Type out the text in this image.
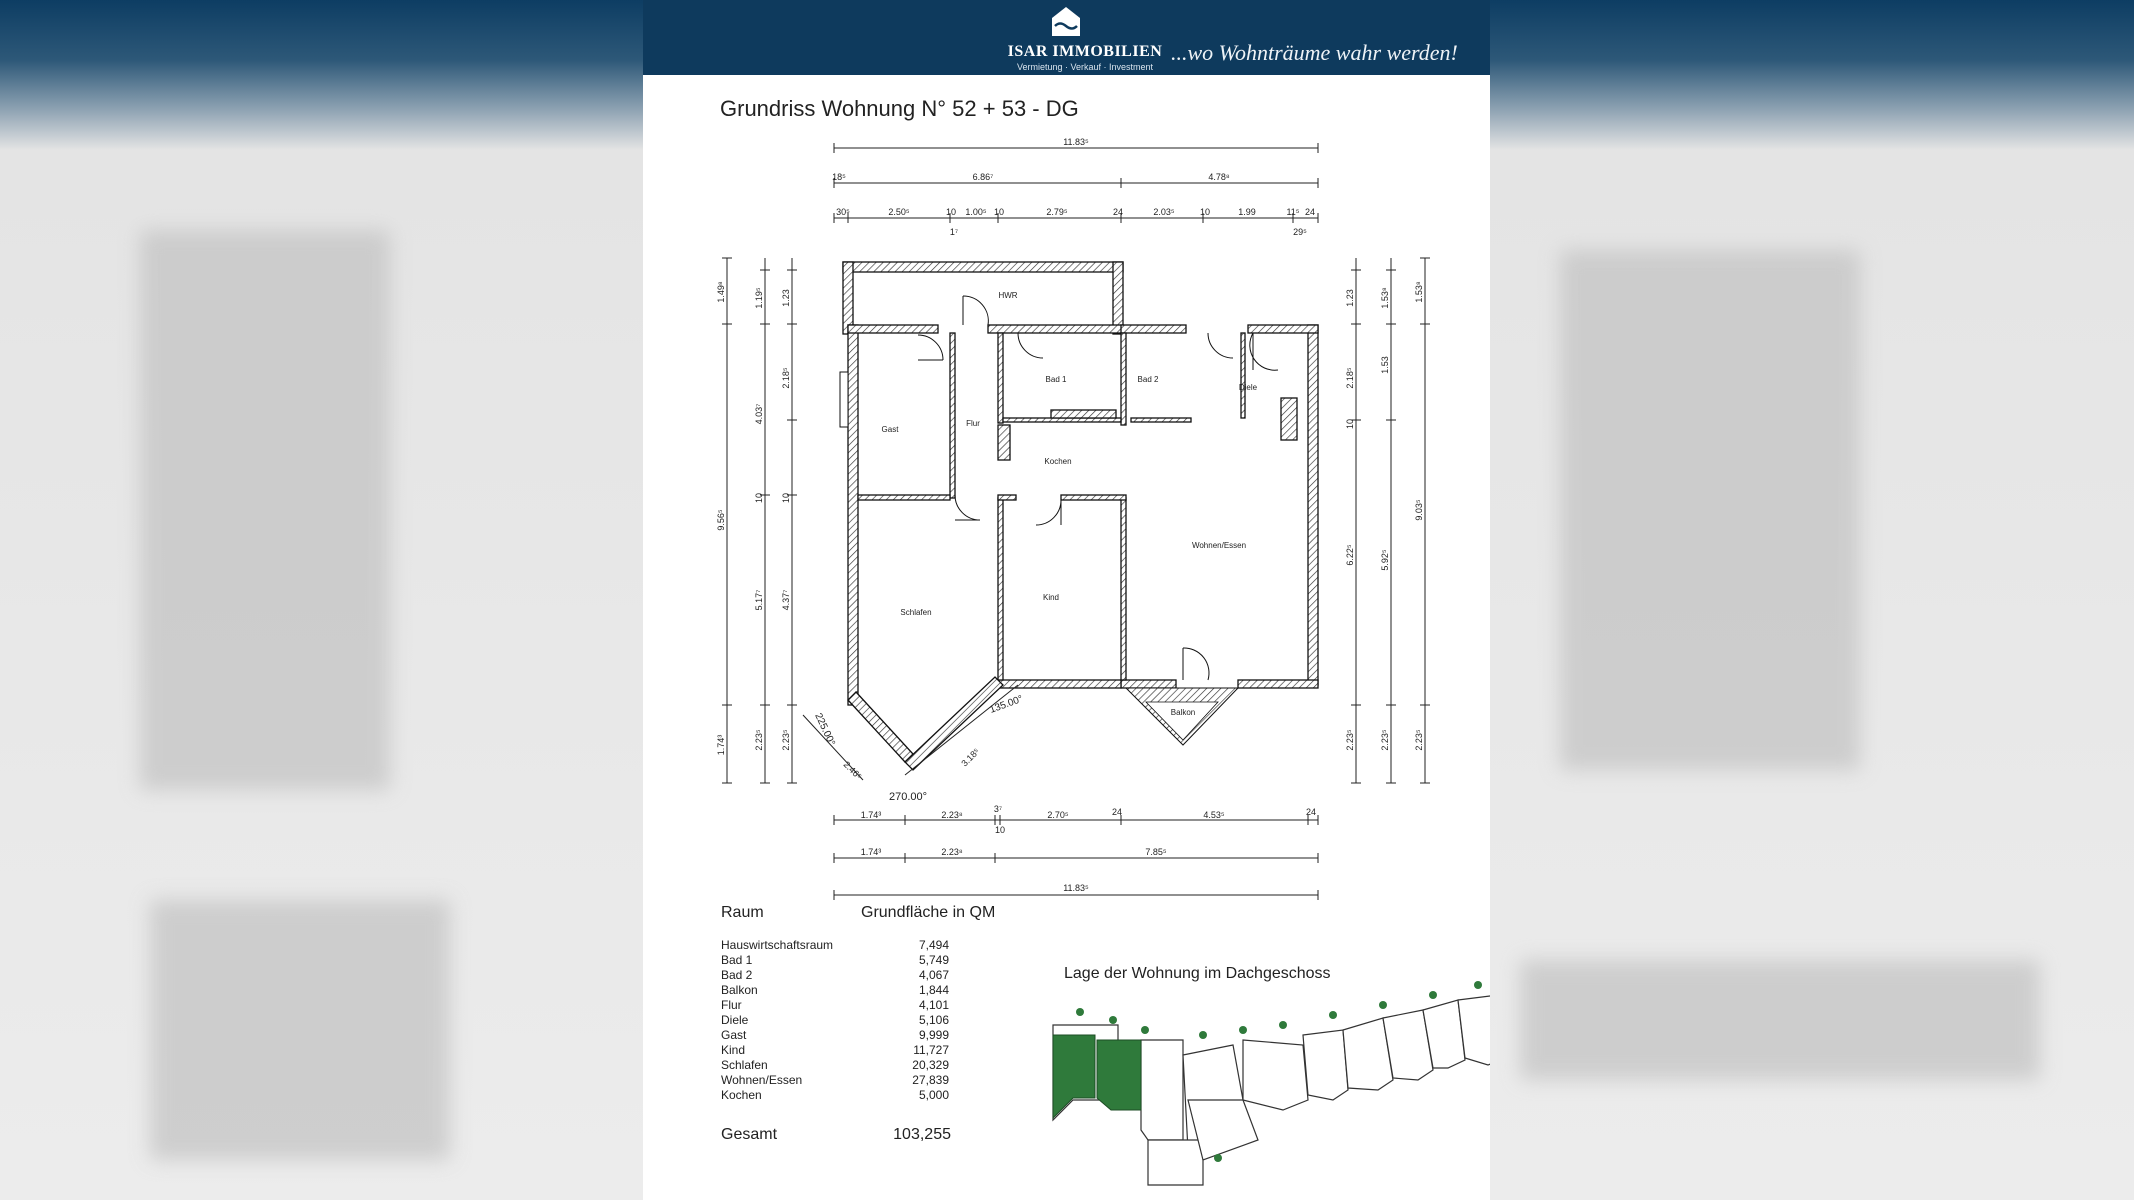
ISAR IMMOBILIEN
Vermietung · Verkauf · Investment
...wo Wohnträume wahr werden!
Grundriss Wohnung N° 52 + 53 - DG
11.83⁵
18⁵	6.86⁷	4.78⁸
30⁵	2.50⁵	10 1.00⁵ 10	2.79⁵	24	2.03⁵	10	1.99	11⁵ 24
1⁷	29⁵
1.49⁸
9.56⁵
1.74³
1.19⁵
4.03⁷
10
5.17⁷
2.23⁵
1.23
2.18⁵
10
4.37⁷
2.23⁵
1.23
2.18⁵
10
6.22⁵
2.23⁵
1.53⁸
1.53
5.92⁵
2.23⁵
1.53⁸
9.03⁵
2.23⁵
HWR
Bad 1	Bad 2
Diele
Gast
Flur
Kochen
Wohnen/Essen
Schlafen
Kind
Balkon
225.00°
135.00°
270.00°
2.46⁵
3.18⁵
1.74³	2.23⁸
3⁷
2.70⁵	24	4.53⁵	24
10
1.74³	2.23⁸	7.85⁵
11.83⁵
Raum	Grundfläche in QM
Hauswirtschaftsraum	7,494
Bad 1	5,749
Bad 2	4,067
Balkon	1,844
Flur	4,101
Diele	5,106
Gast	9,999
Kind	11,727
Schlafen	20,329
Wohnen/Essen	27,839
Kochen	5,000
Gesamt	103,255
Lage der Wohnung im Dachgeschoss
